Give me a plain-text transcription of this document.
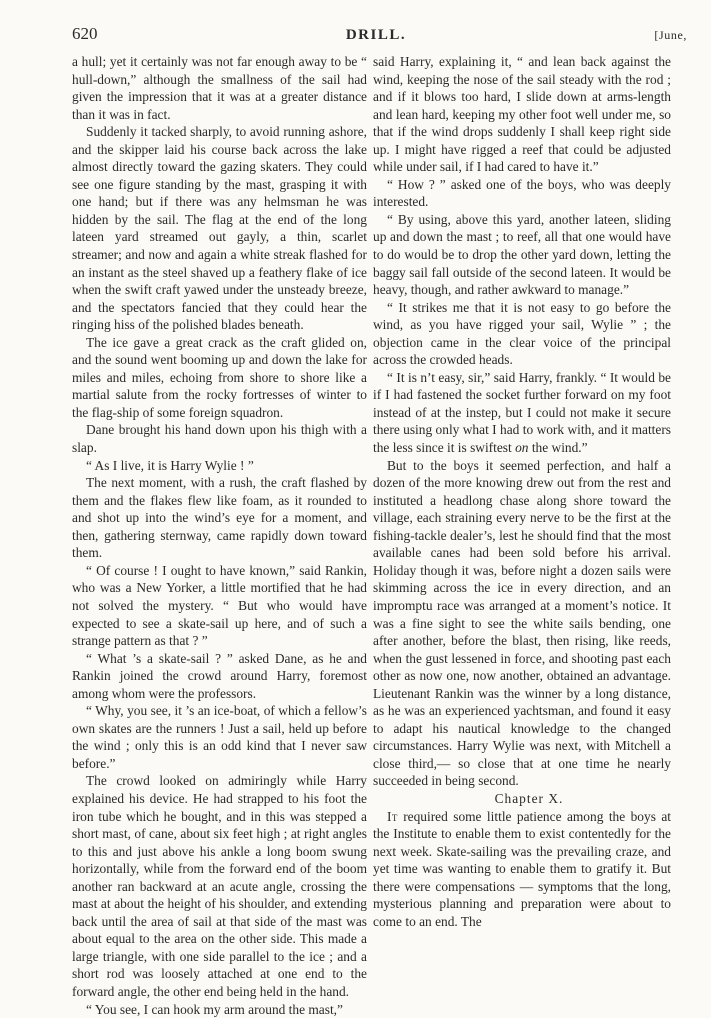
620	DRILL.	[June,

a hull; yet it certainly was not far enough away to be “ hull-down,” although the smallness of the sail had given the impression that it was at a greater distance than it was in fact.

Suddenly it tacked sharply, to avoid running ashore, and the skipper laid his course back across the lake almost directly toward the gazing skaters. They could see one figure standing by the mast, grasping it with one hand; but if there was any helmsman he was hidden by the sail. The flag at the end of the long lateen yard streamed out gayly, a thin, scarlet streamer; and now and again a white streak flashed for an instant as the steel shaved up a feathery flake of ice when the swift craft yawed under the unsteady breeze, and the spectators fancied that they could hear the ringing hiss of the polished blades beneath.

The ice gave a great crack as the craft glided on, and the sound went booming up and down the lake for miles and miles, echoing from shore to shore like a martial salute from the rocky fortresses of winter to the flag-ship of some foreign squadron.

Dane brought his hand down upon his thigh with a slap.

“ As I live, it is Harry Wylie ! ”

The next moment, with a rush, the craft flashed by them and the flakes flew like foam, as it rounded to and shot up into the wind’s eye for a moment, and then, gathering sternway, came rapidly down toward them.

“ Of course ! I ought to have known,” said Rankin, who was a New Yorker, a little mortified that he had not solved the mystery. “ But who would have expected to see a skate-sail up here, and of such a strange pattern as that ? ”

“ What ’s a skate-sail ? ” asked Dane, as he and Rankin joined the crowd around Harry, foremost among whom were the professors.

“ Why, you see, it ’s an ice-boat, of which a fellow’s own skates are the runners ! Just a sail, held up before the wind ; only this is an odd kind that I never saw before.”

The crowd looked on admiringly while Harry explained his device. He had strapped to his foot the iron tube which he bought, and in this was stepped a short mast, of cane, about six feet high ; at right angles to this and just above his ankle a long boom swung horizontally, while from the forward end of the boom another ran backward at an acute angle, crossing the mast at about the height of his shoulder, and extending back until the area of sail at that side of the mast was about equal to the area on the other side. This made a large triangle, with one side parallel to the ice ; and a short rod was loosely attached at one end to the forward angle, the other end being held in the hand.

“ You see, I can hook my arm around the mast,”

said Harry, explaining it, “ and lean back against the wind, keeping the nose of the sail steady with the rod ; and if it blows too hard, I slide down at arms-length and lean hard, keeping my other foot well under me, so that if the wind drops suddenly I shall keep right side up. I might have rigged a reef that could be adjusted while under sail, if I had cared to have it.”

“ How ? ” asked one of the boys, who was deeply interested.

“ By using, above this yard, another lateen, sliding up and down the mast ; to reef, all that one would have to do would be to drop the other yard down, letting the baggy sail fall outside of the second lateen. It would be heavy, though, and rather awkward to manage.”

“ It strikes me that it is not easy to go before the wind, as you have rigged your sail, Wylie ” ; the objection came in the clear voice of the principal across the crowded heads.

“ It is n’t easy, sir,” said Harry, frankly. “ It would be if I had fastened the socket further forward on my foot instead of at the instep, but I could not make it secure there using only what I had to work with, and it matters the less since it is swiftest on the wind.”

But to the boys it seemed perfection, and half a dozen of the more knowing drew out from the rest and instituted a headlong chase along shore toward the village, each straining every nerve to be the first at the fishing-tackle dealer’s, lest he should find that the most available canes had been sold before his arrival. Holiday though it was, before night a dozen sails were skimming across the ice in every direction, and an impromptu race was arranged at a moment’s notice. It was a fine sight to see the white sails bending, one after another, before the blast, then rising, like reeds, when the gust lessened in force, and shooting past each other as now one, now another, obtained an advantage. Lieutenant Rankin was the winner by a long distance, as he was an experienced yachtsman, and found it easy to adapt his nautical knowledge to the changed circumstances. Harry Wylie was next, with Mitchell a close third,— so close that at one time he nearly succeeded in being second.

Chapter X.

It required some little patience among the boys at the Institute to enable them to exist contentedly for the next week. Skate-sailing was the prevailing craze, and yet time was wanting to enable them to gratify it. But there were compensations — symptoms that the long, mysterious planning and preparation were about to come to an end. The
